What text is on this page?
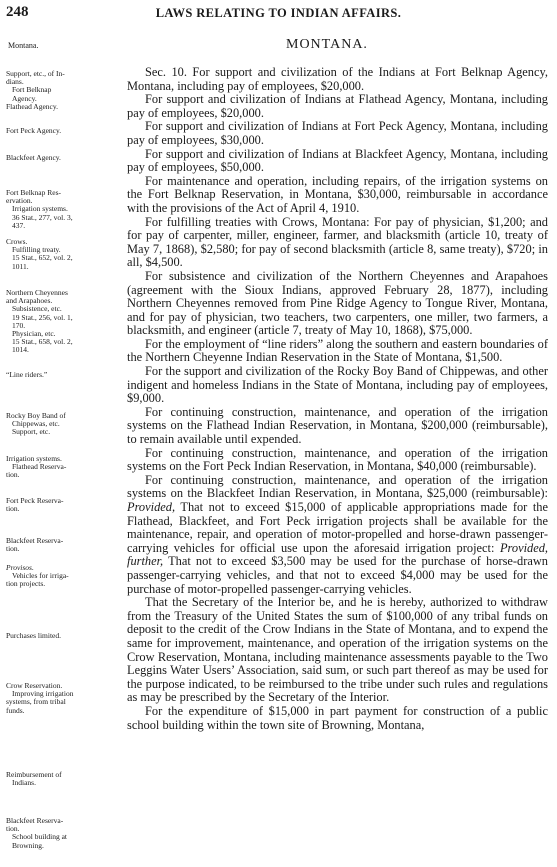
248	LAWS RELATING TO INDIAN AFFAIRS.
Montana.	MONTANA.
Support, etc., of In-
dians.
Fort Belknap
Agency.
Flathead Agency.
Fort Peck Agency.
Blackfeet Agency.
Fort Belknap Res-
ervation.
Irrigation systems.
36 Stat., 277, vol. 3,
437.
Crows.
Fulfilling treaty.
15 Stat., 652, vol. 2,
1011.
Northern Cheyennes
and Arapahoes.
Subsistence, etc.
19 Stat., 256, vol. 1,
170.
Physician, etc.
15 Stat., 658, vol. 2,
1014.
“Line riders.”
Rocky Boy Band of
Chippewas, etc.
Support, etc.
Irrigation systems.
Flathead Reserva-
tion.
Fort Peck Reserva-
tion.
Blackfeet Reserva-
tion.
Provisos.
Vehicles for irriga-
tion projects.
Purchases limited.
Crow Reservation.
Improving irrigation
systems, from tribal
funds.
Reimbursement of
Indians.
Blackfeet Reserva-
tion.
School building at
Browning.

Sec. 10. For support and civilization of the Indians at Fort Belknap Agency, Montana, including pay of employees, $20,000.

For support and civilization of Indians at Flathead Agency, Montana, including pay of employees, $20,000.

For support and civilization of Indians at Fort Peck Agency, Montana, including pay of employees, $30,000.

For support and civilization of Indians at Blackfeet Agency, Montana, including pay of employees, $50,000.

For maintenance and operation, including repairs, of the irrigation systems on the Fort Belknap Reservation, in Montana, $30,000, reimbursable in accordance with the provisions of the Act of April 4, 1910.

For fulfilling treaties with Crows, Montana: For pay of physician, $1,200; and for pay of carpenter, miller, engineer, farmer, and blacksmith (article 10, treaty of May 7, 1868), $2,580; for pay of second blacksmith (article 8, same treaty), $720; in all, $4,500.

For subsistence and civilization of the Northern Cheyennes and Arapahoes (agreement with the Sioux Indians, approved February 28, 1877), including Northern Cheyennes removed from Pine Ridge Agency to Tongue River, Montana, and for pay of physician, two teachers, two carpenters, one miller, two farmers, a blacksmith, and engineer (article 7, treaty of May 10, 1868), $75,000.

For the employment of “line riders” along the southern and eastern boundaries of the Northern Cheyenne Indian Reservation in the State of Montana, $1,500.

For the support and civilization of the Rocky Boy Band of Chippewas, and other indigent and homeless Indians in the State of Montana, including pay of employees, $9,000.

For continuing construction, maintenance, and operation of the irrigation systems on the Flathead Indian Reservation, in Montana, $200,000 (reimbursable), to remain available until expended.

For continuing construction, maintenance, and operation of the irrigation systems on the Fort Peck Indian Reservation, in Montana, $40,000 (reimbursable).

For continuing construction, maintenance, and operation of the irrigation systems on the Blackfeet Indian Reservation, in Montana, $25,000 (reimbursable): Provided, That not to exceed $15,000 of applicable appropriations made for the Flathead, Blackfeet, and Fort Peck irrigation projects shall be available for the maintenance, repair, and operation of motor-propelled and horse-drawn passenger-carrying vehicles for official use upon the aforesaid irrigation project: Provided, further, That not to exceed $3,500 may be used for the purchase of horse-drawn passenger-carrying vehicles, and that not to exceed $4,000 may be used for the purchase of motor-propelled passenger-carrying vehicles.

That the Secretary of the Interior be, and he is hereby, authorized to withdraw from the Treasury of the United States the sum of $100,000 of any tribal funds on deposit to the credit of the Crow Indians in the State of Montana, and to expend the same for improvement, maintenance, and operation of the irrigation systems on the Crow Reservation, Montana, including maintenance assessments payable to the Two Leggins Water Users’ Association, said sum, or such part thereof as may be used for the purpose indicated, to be reimbursed to the tribe under such rules and regulations as may be prescribed by the Secretary of the Interior.

For the expenditure of $15,000 in part payment for construction of a public school building within the town site of Browning, Montana,
